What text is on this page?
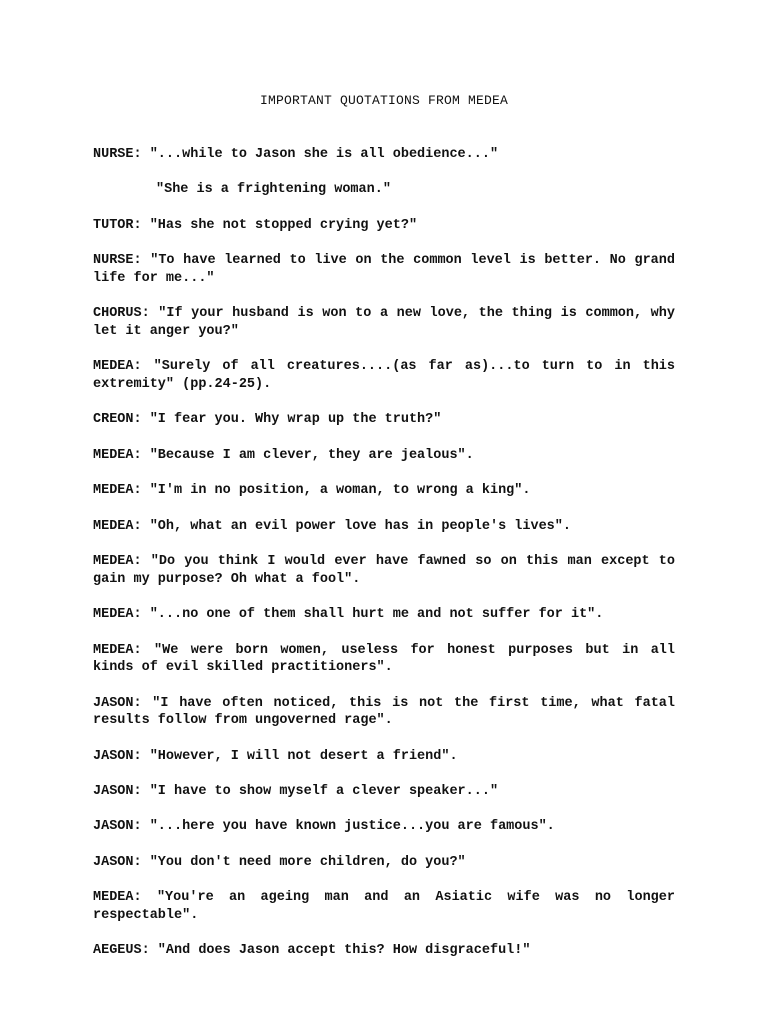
IMPORTANT QUOTATIONS FROM MEDEA
NURSE: "...while to Jason she is all obedience..."
"She is a frightening woman."
TUTOR: "Has she not stopped crying yet?"
NURSE: "To have learned to live on the common level is better. No grand life for me..."
CHORUS: "If your husband is won to a new love, the thing is common, why let it anger you?"
MEDEA: "Surely of all creatures....(as far as)...to turn to in this extremity" (pp.24-25).
CREON: "I fear you. Why wrap up the truth?"
MEDEA: "Because I am clever, they are jealous".
MEDEA: "I'm in no position, a woman, to wrong a king".
MEDEA: "Oh, what an evil power love has in people's lives".
MEDEA: "Do you think I would ever have fawned so on this man except to gain my purpose? Oh what a fool".
MEDEA: "...no one of them shall hurt me and not suffer for it".
MEDEA: "We were born women, useless for honest purposes but in all kinds of evil skilled practitioners".
JASON: "I have often noticed, this is not the first time, what fatal results follow from ungoverned rage".
JASON: "However, I will not desert a friend".
JASON: "I have to show myself a clever speaker..."
JASON: "...here you have known justice...you are famous".
JASON: "You don't need more children, do you?"
MEDEA: "You're an ageing man and an Asiatic wife was no longer respectable".
AEGEUS: "And does Jason accept this? How disgraceful!"
